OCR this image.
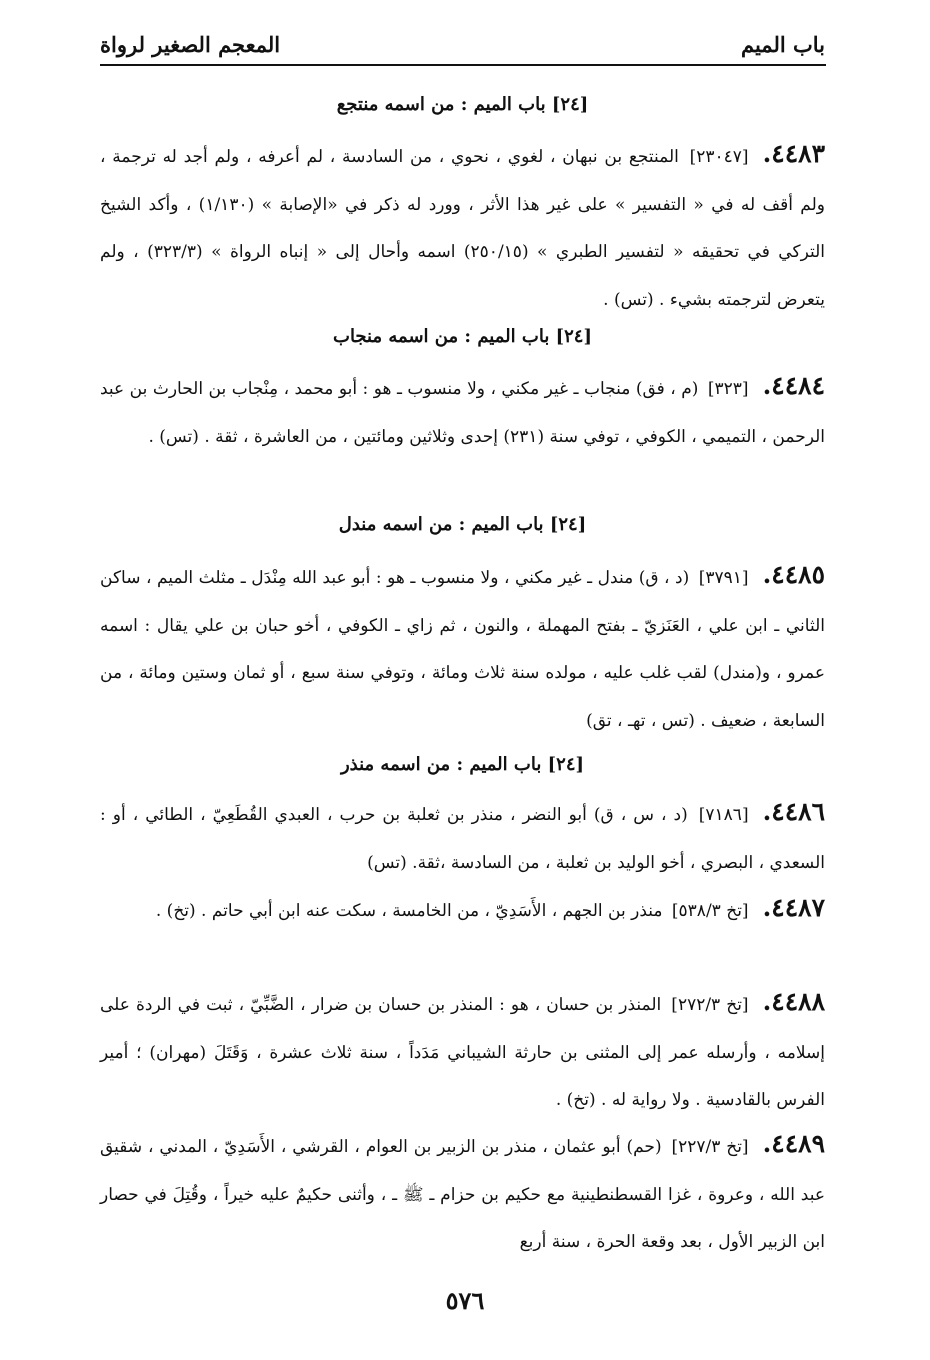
باب الميم
المعجم الصغير لرواة
[٢٤] باب الميم : من اسمه منتجع
٤٤٨٣.[٢٣٠٤٧] المنتجع بن نبهان ، لغوي ، نحوي ، من السادسة ، لم أعرفه ، ولم أجد له ترجمة ، ولم أقف له في « التفسير » على غير هذا الأثر ، وورد له ذكر في «الإصابة » (١/١٣٠) ، وأكد الشيخ التركي في تحقيقه « لتفسير الطبري » (٢٥٠/١٥) اسمه وأحال إلى « إنباه الرواة » (٣٢٣/٣) ، ولم يتعرض لترجمته بشيء . (تس) .
[٢٤] باب الميم : من اسمه منجاب
٤٤٨٤.[٣٢٣] (م ، فق) منجاب ـ غير مكني ، ولا منسوب ـ هو : أبو محمد ، مِنْجاب بن الحارث بن عبد الرحمن ، التميمي ، الكوفي ، توفي سنة (٢٣١) إحدى وثلاثين ومائتين ، من العاشرة ، ثقة . (تس) .
[٢٤] باب الميم : من اسمه مندل
٤٤٨٥.[٣٧٩١] (د ، ق) مندل ـ غير مكني ، ولا منسوب ـ هو : أبو عبد الله مِنْدَل ـ مثلث الميم ، ساكن الثاني ـ ابن علي ، العَنَزيّ ـ بفتح المهملة ، والنون ، ثم زاي ـ الكوفي ، أخو حبان بن علي يقال : اسمه عمرو ، و(مندل) لقب غلب عليه ، مولده سنة ثلاث ومائة ، وتوفي سنة سبع ، أو ثمان وستين ومائة ، من السابعة ، ضعيف . (تس ، تهـ ، تق)
[٢٤] باب الميم : من اسمه منذر
٤٤٨٦.[٧١٨٦] (د ، س ، ق) أبو النضر ، منذر بن ثعلبة بن حرب ، العبدي القُطَعِيّ ، الطائي ، أو : السعدي ، البصري ، أخو الوليد بن ثعلبة ، من السادسة ،ثقة. (تس)
٤٤٨٧.[تخ ٥٣٨/٣] منذر بن الجهم ، الأَسَدِيّ ، من الخامسة ، سكت عنه ابن أبي حاتم . (تخ) .
٤٤٨٨.[تخ ٢٧٢/٣] المنذر بن حسان ، هو : المنذر بن حسان بن ضرار ، الضَّبِّيّ ، ثبت في الردة على إسلامه ، وأرسله عمر إلى المثنى بن حارثة الشيباني مَدَداً ، سنة ثلاث عشرة ، وَقَتَلَ (مهران) ؛ أمير الفرس بالقادسية . ولا رواية له . (تخ) .
٤٤٨٩.[تخ ٢٢٧/٣] (حم) أبو عثمان ، منذر بن الزبير بن العوام ، القرشي ، الأَسَدِيّ ، المدني ، شقيق عبد الله ، وعروة ، غزا القسطنطينية مع حكيم بن حزام ـ ﷺ ـ ، وأثنى حكيمٌ عليه خيراً ، وقُتِلَ في حصار ابن الزبير الأول ، بعد وقعة الحرة ، سنة أربع
٥٧٦
